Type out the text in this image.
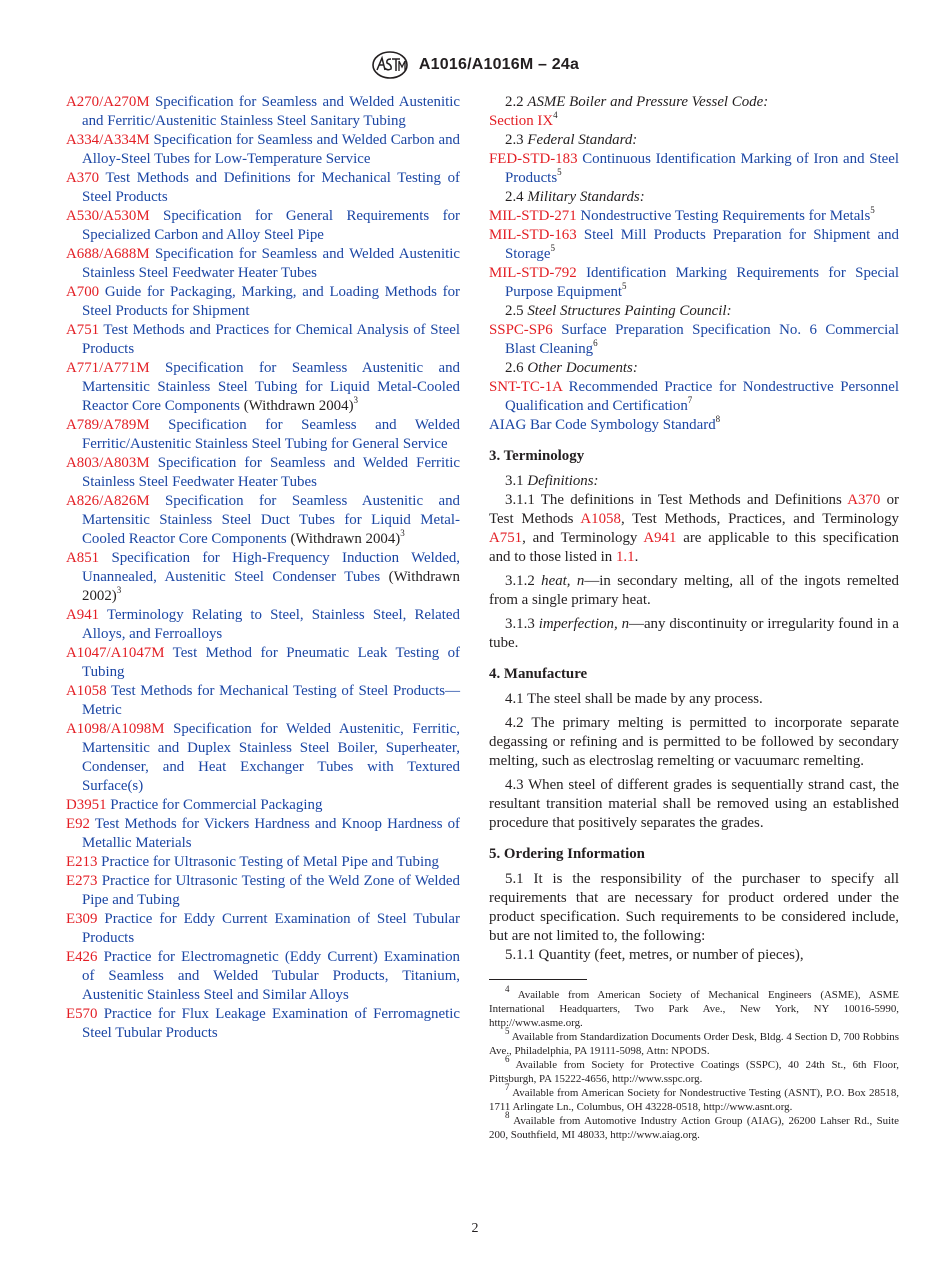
A1016/A1016M – 24a
A270/A270M Specification for Seamless and Welded Austenitic and Ferritic/Austenitic Stainless Steel Sanitary Tubing
A334/A334M Specification for Seamless and Welded Carbon and Alloy-Steel Tubes for Low-Temperature Service
A370 Test Methods and Definitions for Mechanical Testing of Steel Products
A530/A530M Specification for General Requirements for Specialized Carbon and Alloy Steel Pipe
A688/A688M Specification for Seamless and Welded Austenitic Stainless Steel Feedwater Heater Tubes
A700 Guide for Packaging, Marking, and Loading Methods for Steel Products for Shipment
A751 Test Methods and Practices for Chemical Analysis of Steel Products
A771/A771M Specification for Seamless Austenitic and Martensitic Stainless Steel Tubing for Liquid Metal-Cooled Reactor Core Components (Withdrawn 2004)$^3$
A789/A789M Specification for Seamless and Welded Ferritic/Austenitic Stainless Steel Tubing for General Service
A803/A803M Specification for Seamless and Welded Ferritic Stainless Steel Feedwater Heater Tubes
A826/A826M Specification for Seamless Austenitic and Martensitic Stainless Steel Duct Tubes for Liquid Metal-Cooled Reactor Core Components (Withdrawn 2004)$^3$
A851 Specification for High-Frequency Induction Welded, Unannealed, Austenitic Steel Condenser Tubes (Withdrawn 2002)$^3$
A941 Terminology Relating to Steel, Stainless Steel, Related Alloys, and Ferroalloys
A1047/A1047M Test Method for Pneumatic Leak Testing of Tubing
A1058 Test Methods for Mechanical Testing of Steel Products—Metric
A1098/A1098M Specification for Welded Austenitic, Ferritic, Martensitic and Duplex Stainless Steel Boiler, Superheater, Condenser, and Heat Exchanger Tubes with Textured Surface(s)
D3951 Practice for Commercial Packaging
E92 Test Methods for Vickers Hardness and Knoop Hardness of Metallic Materials
E213 Practice for Ultrasonic Testing of Metal Pipe and Tubing
E273 Practice for Ultrasonic Testing of the Weld Zone of Welded Pipe and Tubing
E309 Practice for Eddy Current Examination of Steel Tubular Products
E426 Practice for Electromagnetic (Eddy Current) Examination of Seamless and Welded Tubular Products, Titanium, Austenitic Stainless Steel and Similar Alloys
E570 Practice for Flux Leakage Examination of Ferromagnetic Steel Tubular Products
2.2 ASME Boiler and Pressure Vessel Code:
Section $IX^4$
2.3 Federal Standard:
FED-STD-183 Continuous Identification Marking of Iron and Steel Products$^5$
2.4 Military Standards:
MIL-STD-271 Nondestructive Testing Requirements for Metals$^5$
MIL-STD-163 Steel Mill Products Preparation for Shipment and Storage$^5$
MIL-STD-792 Identification Marking Requirements for Special Purpose Equipment$^5$
2.5 Steel Structures Painting Council:
SSPC-SP6 Surface Preparation Specification No. 6 Commercial Blast Cleaning$^6$
2.6 Other Documents:
SNT-TC-1A Recommended Practice for Nondestructive Personnel Qualification and Certification$^7$
AIAG Bar Code Symbology Standard$^8$
3. Terminology
3.1 Definitions:
3.1.1 The definitions in Test Methods and Definitions A370 or Test Methods A1058, Test Methods, Practices, and Terminology A751, and Terminology A941 are applicable to this specification and to those listed in 1.1.
3.1.2 heat, n—in secondary melting, all of the ingots remelted from a single primary heat.
3.1.3 imperfection, n—any discontinuity or irregularity found in a tube.
4. Manufacture
4.1 The steel shall be made by any process.
4.2 The primary melting is permitted to incorporate separate degassing or refining and is permitted to be followed by secondary melting, such as electroslag remelting or vacuumarc remelting.
4.3 When steel of different grades is sequentially strand cast, the resultant transition material shall be removed using an established procedure that positively separates the grades.
5. Ordering Information
5.1 It is the responsibility of the purchaser to specify all requirements that are necessary for product ordered under the product specification. Such requirements to be considered include, but are not limited to, the following:
5.1.1 Quantity (feet, metres, or number of pieces),
$^4$ Available from American Society of Mechanical Engineers (ASME), ASME International Headquarters, Two Park Ave., New York, NY 10016-5990, http://www.asme.org.
$^5$ Available from Standardization Documents Order Desk, Bldg. 4 Section D, 700 Robbins Ave., Philadelphia, PA 19111-5098, Attn: NPODS.
$^6$ Available from Society for Protective Coatings (SSPC), 40 24th St., 6th Floor, Pittsburgh, PA 15222-4656, http://www.sspc.org.
$^7$ Available from American Society for Nondestructive Testing (ASNT), P.O. Box 28518, 1711 Arlingate Ln., Columbus, OH 43228-0518, http://www.asnt.org.
$^8$ Available from Automotive Industry Action Group (AIAG), 26200 Lahser Rd., Suite 200, Southfield, MI 48033, http://www.aiag.org.
2
